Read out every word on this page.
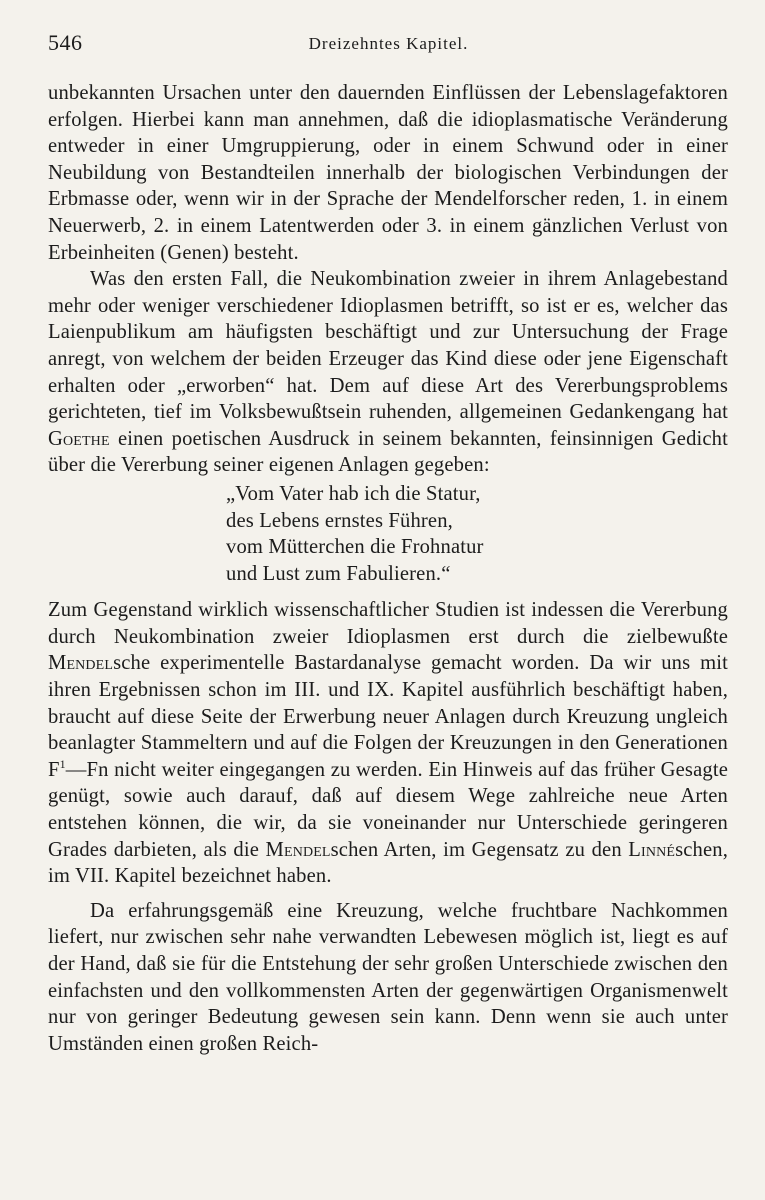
546	Dreizehntes Kapitel.

unbekannten Ursachen unter den dauernden Einflüssen der Lebenslagefaktoren erfolgen. Hierbei kann man annehmen, daß die idioplasmatische Veränderung entweder in einer Umgruppierung, oder in einem Schwund oder in einer Neubildung von Bestandteilen innerhalb der biologischen Verbindungen der Erbmasse oder, wenn wir in der Sprache der Mendelforscher reden, 1. in einem Neuerwerb, 2. in einem Latentwerden oder 3. in einem gänzlichen Verlust von Erbeinheiten (Genen) besteht.

Was den ersten Fall, die Neukombination zweier in ihrem Anlagebestand mehr oder weniger verschiedener Idioplasmen betrifft, so ist er es, welcher das Laienpublikum am häufigsten beschäftigt und zur Untersuchung der Frage anregt, von welchem der beiden Erzeuger das Kind diese oder jene Eigenschaft erhalten oder „erworben“ hat. Dem auf diese Art des Vererbungsproblems gerichteten, tief im Volksbewußtsein ruhenden, allgemeinen Gedankengang hat Goethe einen poetischen Ausdruck in seinem bekannten, feinsinnigen Gedicht über die Vererbung seiner eigenen Anlagen gegeben:

„Vom Vater hab ich die Statur,
des Lebens ernstes Führen,
vom Mütterchen die Frohnatur
und Lust zum Fabulieren.“

Zum Gegenstand wirklich wissenschaftlicher Studien ist indessen die Vererbung durch Neukombination zweier Idioplasmen erst durch die zielbewußte Mendelsche experimentelle Bastardanalyse gemacht worden. Da wir uns mit ihren Ergebnissen schon im III. und IX. Kapitel ausführlich beschäftigt haben, braucht auf diese Seite der Erwerbung neuer Anlagen durch Kreuzung ungleich beanlagter Stammeltern und auf die Folgen der Kreuzungen in den Generationen $F^1—Fn$ nicht weiter eingegangen zu werden. Ein Hinweis auf das früher Gesagte genügt, sowie auch darauf, daß auf diesem Wege zahlreiche neue Arten entstehen können, die wir, da sie voneinander nur Unterschiede geringeren Grades darbieten, als die Mendelschen Arten, im Gegensatz zu den Linnéschen, im VII. Kapitel bezeichnet haben.

Da erfahrungsgemäß eine Kreuzung, welche fruchtbare Nachkommen liefert, nur zwischen sehr nahe verwandten Lebewesen möglich ist, liegt es auf der Hand, daß sie für die Entstehung der sehr großen Unterschiede zwischen den einfachsten und den vollkommensten Arten der gegenwärtigen Organismenwelt nur von geringer Bedeutung gewesen sein kann. Denn wenn sie auch unter Umständen einen großen Reich-
